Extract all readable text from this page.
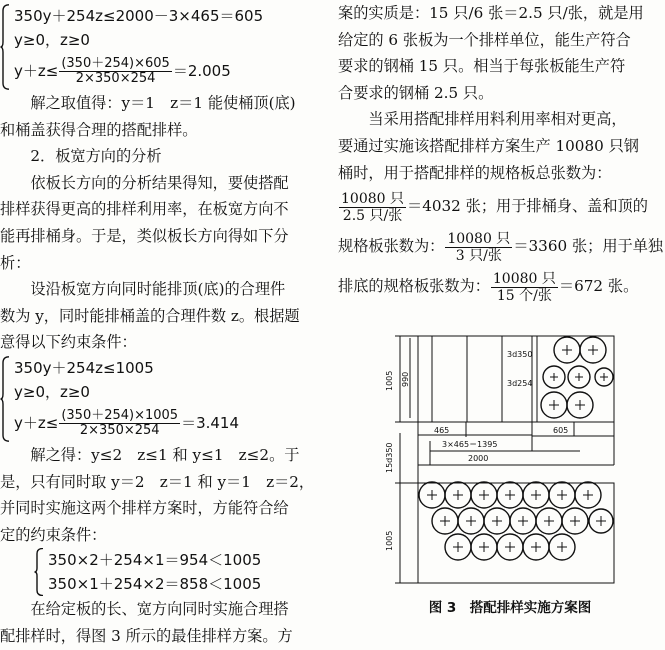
350y＋254z≤2000－3×465＝605
y≥0，z≥0
$y+z\le \frac{(350+254)\times 605}{2\times 350\times 254} =2.005$

解之取值得：y＝1　z＝1 能使桶顶(底)
和桶盖获得合理的搭配排样。

2．板宽方向的分析

依板长方向的分析结果得知，要使搭配
排样获得更高的排样利用率，在板宽方向不
能再排桶身。于是，类似板长方向得如下分
析：

设沿板宽方向同时能排顶(底)的合理件
数为 y，同时能排桶盖的合理件数 z。根据题
意得以下约束条件：

350y＋254z≤1005
y≥0，z≥0
$y+z\le \frac{(350+254)\times 1005}{2\times 350\times 254} =3.414$

解之得：y≤2　z≤1 和 y≤1　z≤2。于
是，只有同时取 y＝2　z＝1 和 y＝1　z＝2，
并同时实施这两个排样方案时，方能符合给
定的约束条件：

350×2＋254×1＝954＜1005
350×1＋254×2＝858＜1005

在给定板的长、宽方向同时实施合理搭
配排样时，得图 3 所示的最佳排样方案。方

案的实质是：15 只/6 张＝2.5 只/张，就是用
给定的 6 张板为一个排样单位，能生产符合
要求的钢桶 15 只。相当于每张板能生产符
合要求的钢桶 2.5 只。

当采用搭配排样用料利用率相对更高，
要通过实施该搭配排样方案生产 10080 只钢
桶时，用于搭配排样的规格板总张数为：

$\frac{\text{10080 只}}{\text{2.5 只/张}} =4032$ 张；用于排桶身、盖和顶的
规格板张数为： $\frac{\text{10080 只}}{\text{3 只/张}} =3360$ 张；用于单独
排底的规格板张数为： $\frac{\text{10080 只}}{\text{15 个/张}} =672$ 张。
3d350
3d254
1005 990
465	605
3×465＝1395
2000
15d350
1005
图 3　搭配排样实施方案图
